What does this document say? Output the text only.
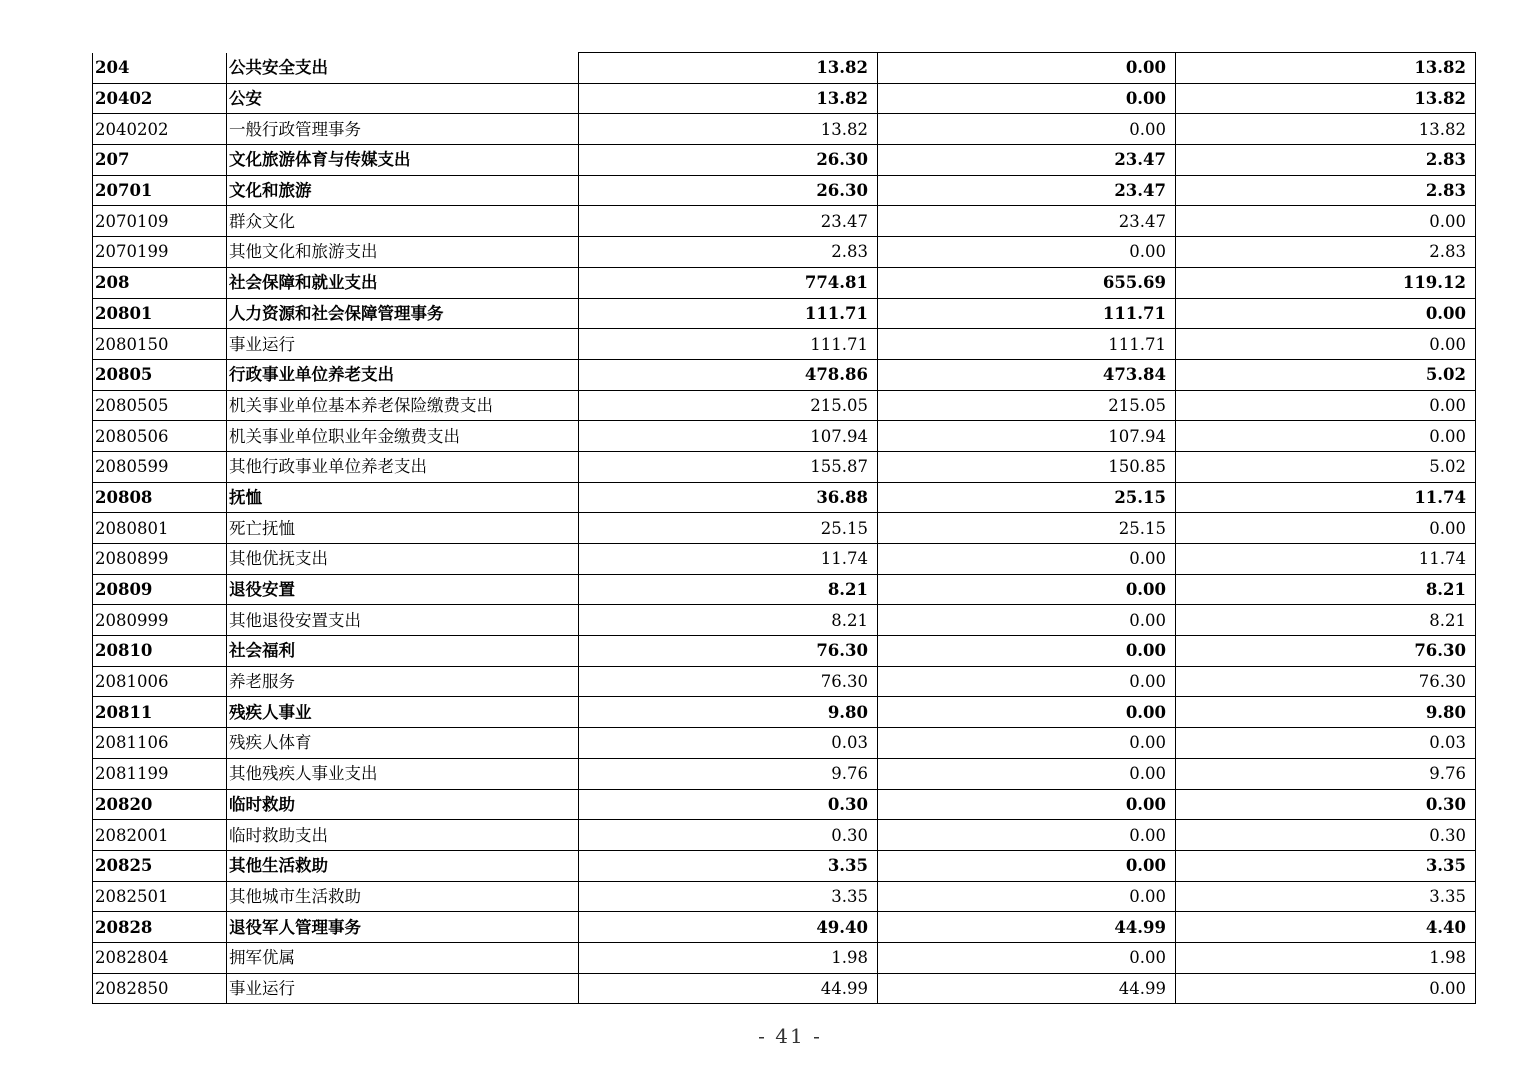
204	公共安全支出	13.82	0.00	13.82
20402	公安	13.82	0.00	13.82
2040202	一般行政管理事务	13.82	0.00	13.82
207	文化旅游体育与传媒支出	26.30	23.47	2.83
20701	文化和旅游	26.30	23.47	2.83
2070109	群众文化	23.47	23.47	0.00
2070199	其他文化和旅游支出	2.83	0.00	2.83
208	社会保障和就业支出	774.81	655.69	119.12
20801	人力资源和社会保障管理事务	111.71	111.71	0.00
2080150	事业运行	111.71	111.71	0.00
20805	行政事业单位养老支出	478.86	473.84	5.02
2080505	机关事业单位基本养老保险缴费支出	215.05	215.05	0.00
2080506	机关事业单位职业年金缴费支出	107.94	107.94	0.00
2080599	其他行政事业单位养老支出	155.87	150.85	5.02
20808	抚恤	36.88	25.15	11.74
2080801	死亡抚恤	25.15	25.15	0.00
2080899	其他优抚支出	11.74	0.00	11.74
20809	退役安置	8.21	0.00	8.21
2080999	其他退役安置支出	8.21	0.00	8.21
20810	社会福利	76.30	0.00	76.30
2081006	养老服务	76.30	0.00	76.30
20811	残疾人事业	9.80	0.00	9.80
2081106	残疾人体育	0.03	0.00	0.03
2081199	其他残疾人事业支出	9.76	0.00	9.76
20820	临时救助	0.30	0.00	0.30
2082001	临时救助支出	0.30	0.00	0.30
20825	其他生活救助	3.35	0.00	3.35
2082501	其他城市生活救助	3.35	0.00	3.35
20828	退役军人管理事务	49.40	44.99	4.40
2082804	拥军优属	1.98	0.00	1.98
2082850	事业运行	44.99	44.99	0.00
- 41 -
